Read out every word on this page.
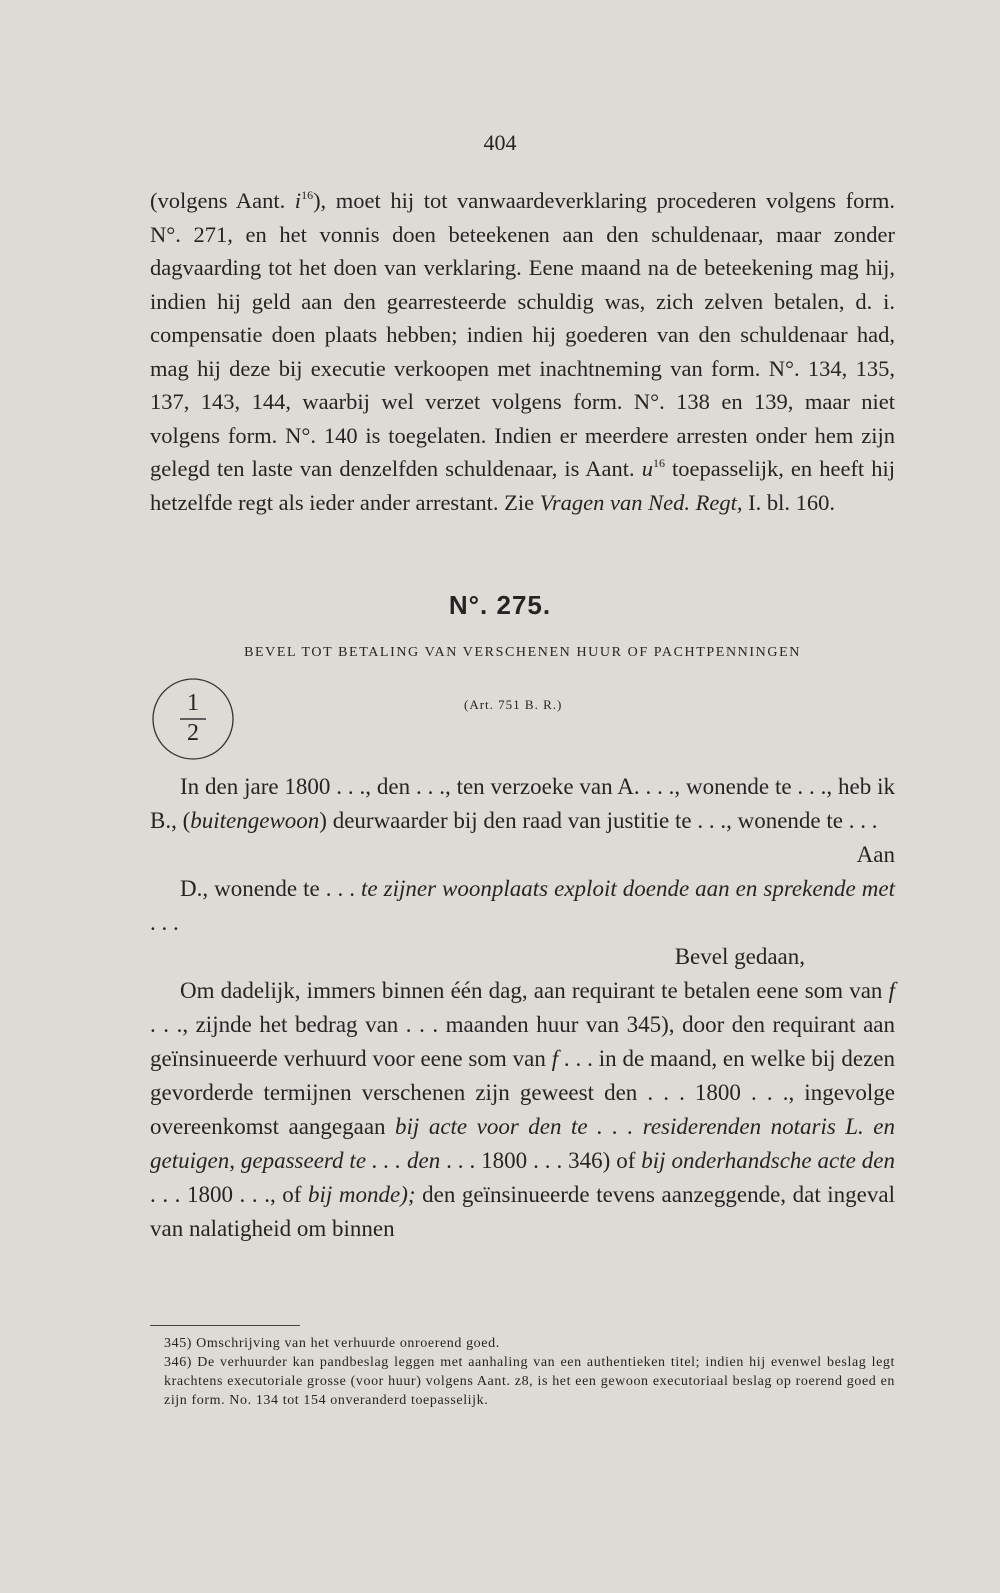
404

(volgens Aant. $i^{16}$), moet hij tot vanwaardeverklaring procederen volgens form. N°. 271, en het vonnis doen beteekenen aan den schuldenaar, maar zonder dagvaarding tot het doen van verklaring. Eene maand na de beteekening mag hij, indien hij geld aan den gearresteerde schuldig was, zich zelven betalen, d. i. compensatie doen plaats hebben; indien hij goederen van den schuldenaar had, mag hij deze bij executie verkoopen met inachtneming van form. N°. 134, 135, 137, 143, 144, waarbij wel verzet volgens form. N°. 138 en 139, maar niet volgens form. N°. 140 is toegelaten. Indien er meerdere arresten onder hem zijn gelegd ten laste van denzelfden schuldenaar, is Aant. $u^{16}$ toepasselijk, en heeft hij hetzelfde regt als ieder ander arrestant. Zie Vragen van Ned. Regt, I. bl. 160.

N°. 275.
BEVEL TOT BETALING VAN VERSCHENEN HUUR OF PACHTPENNINGEN
1
2
(Art. 751 B. R.)

In den jare 1800 . . ., den . . ., ten verzoeke van A. . . ., wonende te . . ., heb ik B., (buitengewoon) deurwaarder bij den raad van justitie te . . ., wonende te . . .

Aan

D., wonende te . . . te zijner woonplaats exploit doende aan en sprekende met . . .

Bevel gedaan,

Om dadelijk, immers binnen één dag, aan requirant te betalen eene som van f . . ., zijnde het bedrag van . . . maanden huur van 345), door den requirant aan geïnsinueerde verhuurd voor eene som van f . . . in de maand, en welke bij dezen gevorderde termijnen verschenen zijn geweest den . . . 1800 . . ., ingevolge overeenkomst aangegaan bij acte voor den te . . . residerenden notaris L. en getuigen, gepasseerd te . . . den . . . 1800 . . . 346) of bij onderhandsche acte den . . . 1800 . . ., of bij monde); den geïnsinueerde tevens aanzeggende, dat ingeval van nalatigheid om binnen

345) Omschrijving van het verhuurde onroerend goed.

346) De verhuurder kan pandbeslag leggen met aanhaling van een authentieken titel; indien hij evenwel beslag legt krachtens executoriale grosse (voor huur) volgens Aant. z8, is het een gewoon executoriaal beslag op roerend goed en zijn form. No. 134 tot 154 onveranderd toepasselijk.
